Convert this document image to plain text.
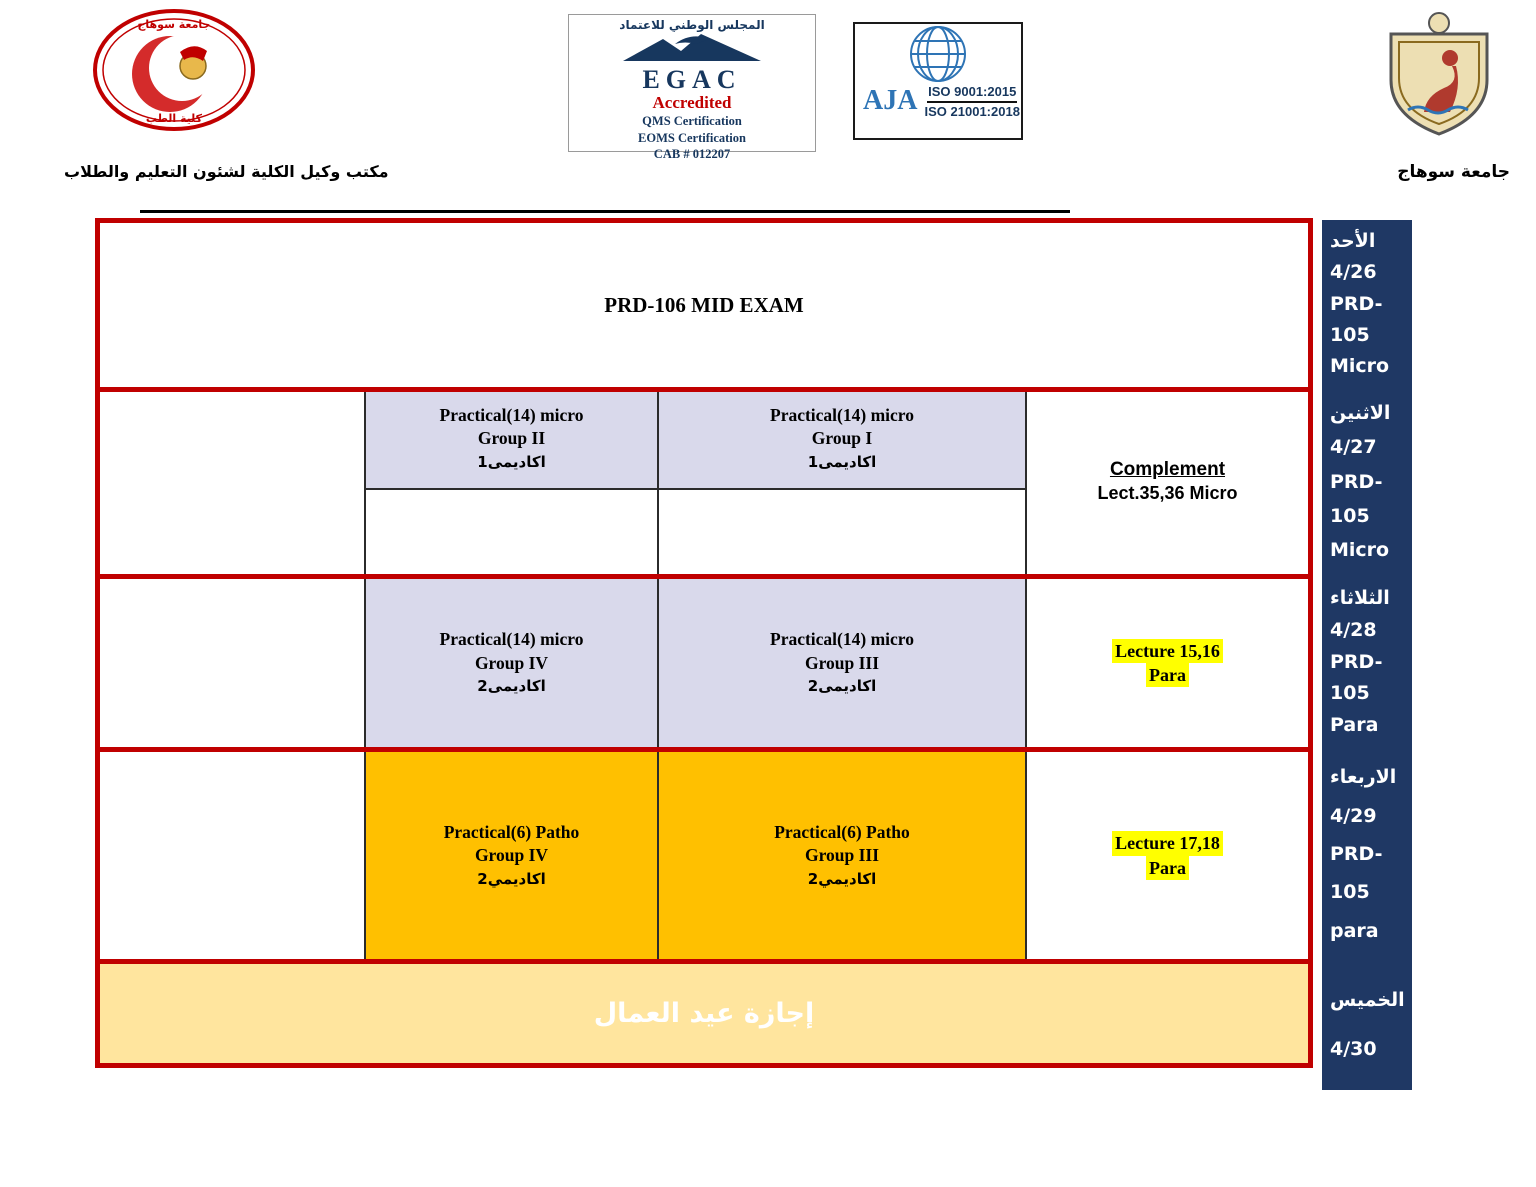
جامعة سوهاج
كلية الطب
المجلس الوطني للاعتماد
EGAC
Accredited
QMS Certification
EOMS Certification
CAB # 012207
AJA ISO 9001:2015
ISO 21001:2018
مكتب وكيل الكلية لشئون التعليم والطلاب	جامعة سوهاج
PRD-106 MID EXAM
Practical(14) micro
Group II
اكاديمى1
Practical(14) micro
Group I
اكاديمى1	Complement
Lect.35,36 Micro
Practical(14) micro
Group IV
اكاديمى2
Practical(14) micro
Group III
اكاديمى2
Lecture 15,16
Para
Practical(6) Patho
Group IV
اكاديمي2
Practical(6) Patho
Group III
اكاديمي2
Lecture 17,18
Para
إجازة عيد العمال
الأحد
4/26
PRD-
105
Micro
الاثنين
4/27
PRD-
105
Micro
الثلاثاء
4/28
PRD-
105
Para
الاربعاء
4/29
PRD-
105
para
الخميس
4/30
